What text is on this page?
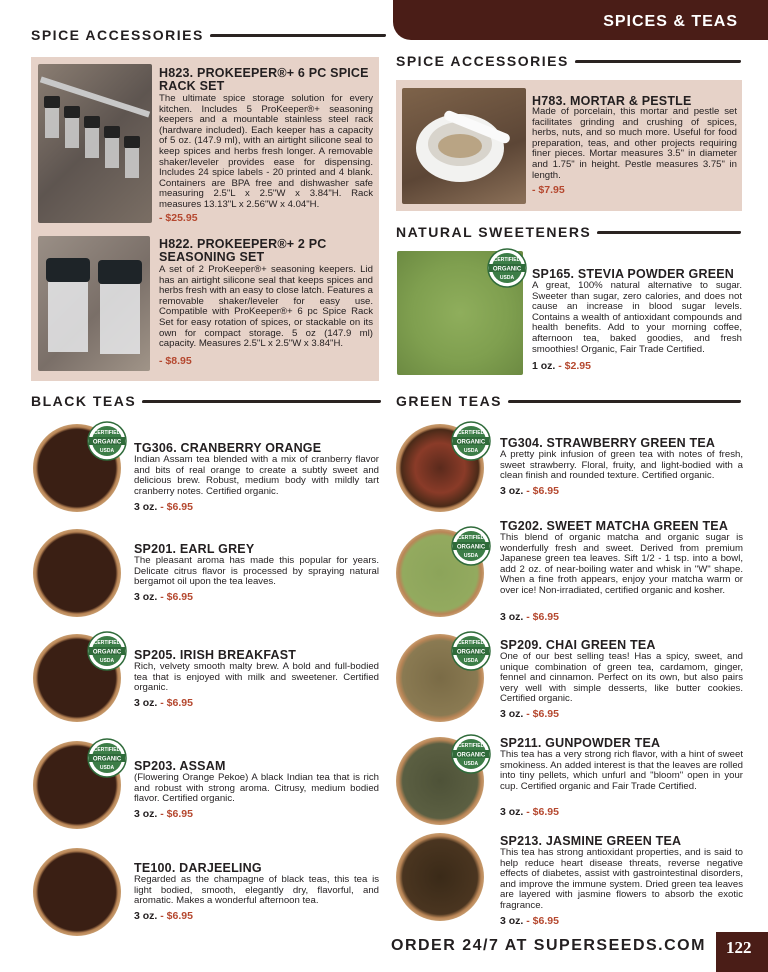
SPICES & TEAS
SPICE ACCESSORIES
SPICE ACCESSORIES
NATURAL SWEETENERS
BLACK TEAS	GREEN TEAS
H823. PROKEEPER®+ 6 PC SPICE RACK SET
The ultimate spice storage solution for every kitchen. Includes 5 ProKeeper®+ seasoning keepers and a mountable stainless steel rack (hardware included). Each keeper has a capacity of 5 oz. (147.9 ml), with an airtight silicone seal to keep spices and herbs fresh longer. A removable shaker/leveler provides ease for dispensing. Includes 24 spice labels - 20 printed and 4 blank. Containers are BPA free and dishwasher safe measuring 2.5"L x 2.5"W x 3.84"H. Rack measures 13.13"L x 2.56"W x 4.04"H.
- $25.95
H822. PROKEEPER®+ 2 PC SEASONING SET
A set of 2 ProKeeper®+ seasoning keepers. Lid has an airtight silicone seal that keeps spices and herbs fresh with an easy to close latch. Features a removable shaker/leveler for easy use. Compatible with ProKeeper®+ 6 pc Spice Rack Set for easy rotation of spices, or stackable on its own for compact storage. 5 oz (147.9 ml) capacity. Measures 2.5"L x 2.5"W x 3.84"H.
- $8.95
H783. MORTAR & PESTLE
Made of porcelain, this mortar and pestle set facilitates grinding and crushing of spices, herbs, nuts, and so much more. Useful for food preparation, teas, and other projects requiring finer pieces. Mortar measures 3.5" in diameter and 1.75" in height. Pestle measures 3.75" in length.
- $7.95
CERTIFIED
ORGANIC
USDA SP165. STEVIA POWDER GREEN
A great, 100% natural alternative to sugar. Sweeter than sugar, zero calories, and does not cause an increase in blood sugar levels. Contains a wealth of antioxidant compounds and health benefits. Add to your morning coffee, afternoon tea, baked goodies, and fresh smoothies! Organic, Fair Trade Certified.
1 oz. - $2.95
CERTIFIED
ORGANIC
USDA TG306. CRANBERRY ORANGE
Indian Assam tea blended with a mix of cranberry flavor and bits of real orange to create a subtly sweet and delicious brew. Robust, medium body with mildly tart cranberry notes. Certified organic.
3 oz. - $6.95
SP201. EARL GREY
The pleasant aroma has made this popular for years. Delicate citrus flavor is processed by spraying natural bergamot oil upon the tea leaves.
3 oz. - $6.95
CERTIFIED
ORGANIC
USDA SP205. IRISH BREAKFAST
Rich, velvety smooth malty brew. A bold and full-bodied tea that is enjoyed with milk and sweetener. Certified organic.
3 oz. - $6.95
CERTIFIED
ORGANIC
USDA SP203. ASSAM
(Flowering Orange Pekoe) A black Indian tea that is rich and robust with strong aroma. Citrusy, medium bodied flavor. Certified organic.
3 oz. - $6.95
TE100. DARJEELING
Regarded as the champagne of black teas, this tea is light bodied, smooth, elegantly dry, flavorful, and aromatic. Makes a wonderful afternoon tea.
3 oz. - $6.95
CERTIFIED
ORGANIC
USDA
TG304. STRAWBERRY GREEN TEA
A pretty pink infusion of green tea with notes of fresh, sweet strawberry. Floral, fruity, and light-bodied with a clean finish and rounded texture. Certified organic.
3 oz. - $6.95
CERTIFIED
ORGANIC
USDA
TG202. SWEET MATCHA GREEN TEA
This blend of organic matcha and organic sugar is wonderfully fresh and sweet. Derived from premium Japanese green tea leaves. Sift 1/2 - 1 tsp. into a bowl, add 2 oz. of near-boiling water and whisk in "W" shape. When a fine froth appears, enjoy your matcha warm or over ice! Non-irradiated, certified organic and kosher.
3 oz. - $6.95
CERTIFIED
ORGANIC
USDA
SP209. CHAI GREEN TEA
One of our best selling teas! Has a spicy, sweet, and unique combination of green tea, cardamom, ginger, fennel and cinnamon. Perfect on its own, but also pairs very well with simple desserts, like butter cookies. Certified organic.
3 oz. - $6.95
CERTIFIED
ORGANIC
USDA
SP211. GUNPOWDER TEA
This tea has a very strong rich flavor, with a hint of sweet smokiness. An added interest is that the leaves are rolled into tiny pellets, which unfurl and "bloom" open in your cup. Certified organic and Fair Trade Certified.
3 oz. - $6.95
SP213. JASMINE GREEN TEA
This tea has strong antioxidant properties, and is said to help reduce heart disease threats, reverse negative effects of diabetes, assist with gastrointestinal disorders, and improve the immune system. Dried green tea leaves are layered with jasmine flowers to absorb the exotic fragrance.
3 oz. - $6.95
ORDER 24/7 AT SUPERSEEDS.COM 122
